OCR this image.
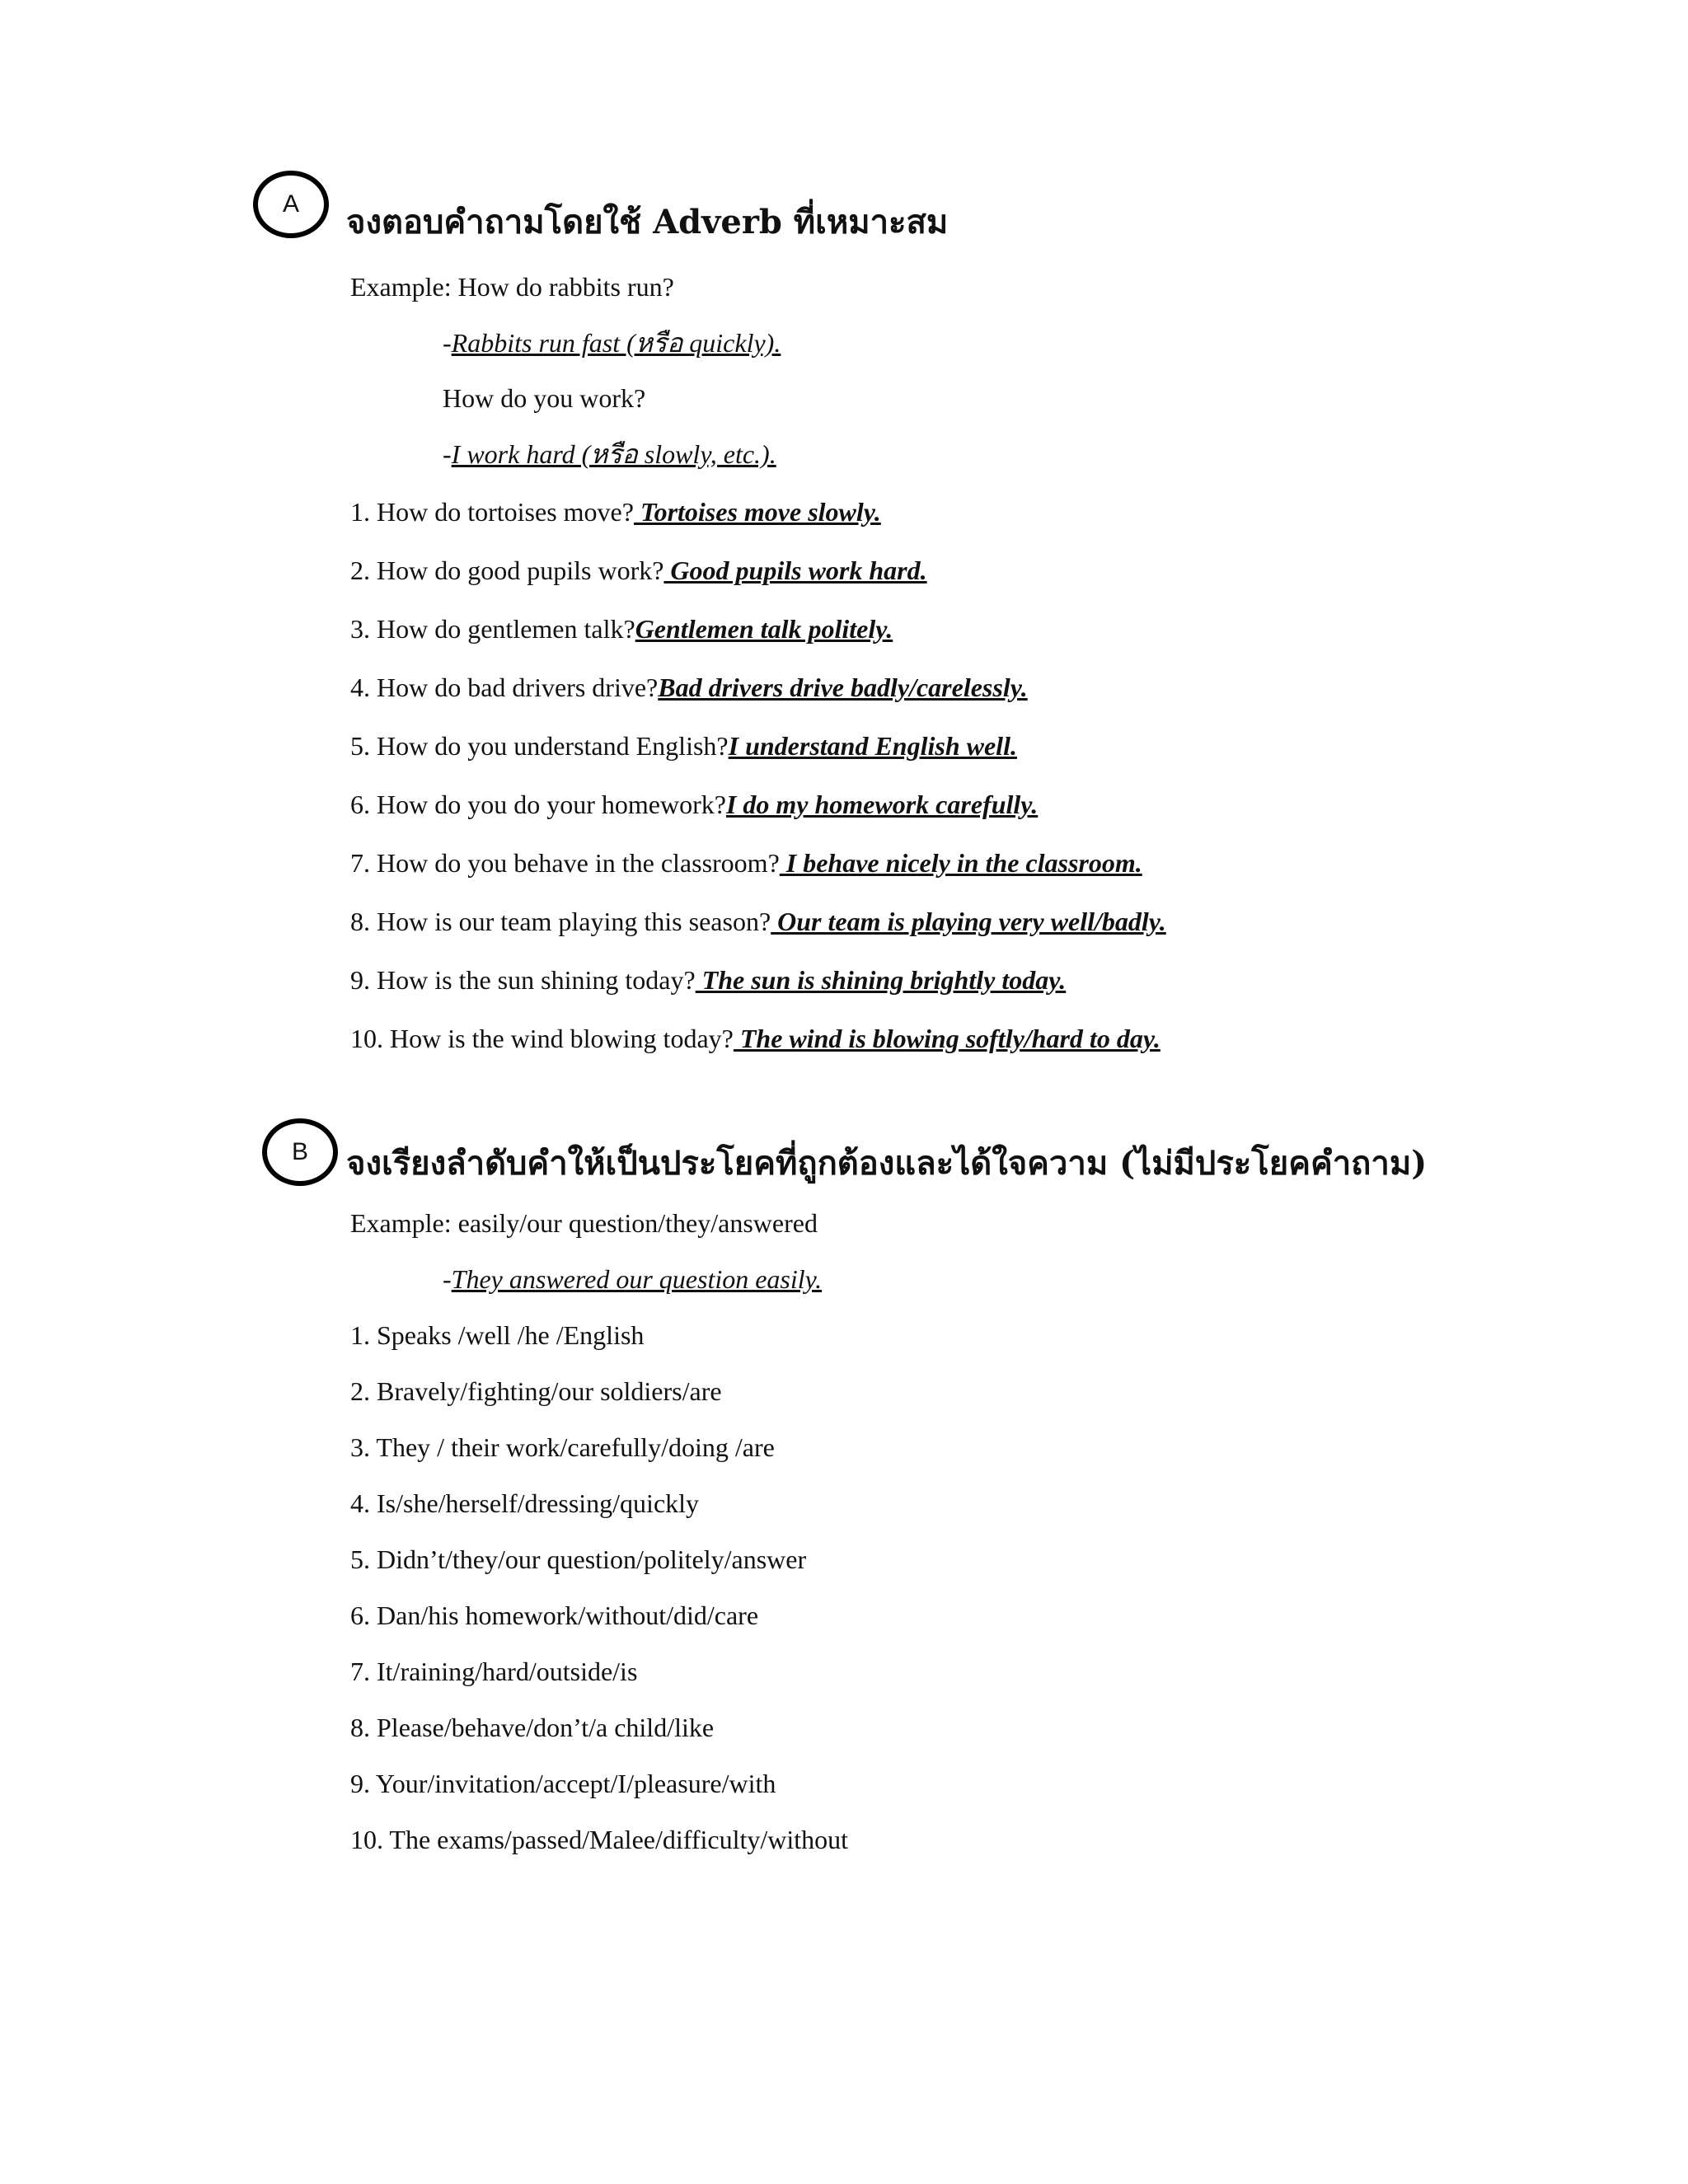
A	จงตอบคำถามโดยใช้ Adverb ที่เหมาะสม
Example: How do rabbits run?
-Rabbits run fast (หรือ quickly).
How do you work?
-I work hard (หรือ slowly, etc.).
1. How do tortoises move? Tortoises move slowly.
2. How do good pupils work? Good pupils work hard.
3. How do gentlemen talk?Gentlemen talk politely.
4. How do bad drivers drive?Bad drivers drive badly/carelessly.
5. How do you understand English?I understand English well.
6. How do you do your homework?I do my homework carefully.
7. How do you behave in the classroom? I behave nicely in the classroom.
8. How is our team playing this season? Our team is playing very well/badly.
9. How is the sun shining today? The sun is shining brightly today.
10. How is the wind blowing today? The wind is blowing softly/hard to day.
B	จงเรียงลำดับคำให้เป็นประโยคที่ถูกต้องและได้ใจความ (ไม่มีประโยคคำถาม)
Example: easily/our question/they/answered
-They answered our question easily.
1. Speaks /well /he /English
2. Bravely/fighting/our soldiers/are
3. They / their work/carefully/doing /are
4. Is/she/herself/dressing/quickly
5. Didn’t/they/our question/politely/answer
6. Dan/his homework/without/did/care
7. It/raining/hard/outside/is
8. Please/behave/don’t/a child/like
9. Your/invitation/accept/I/pleasure/with
10. The exams/passed/Malee/difficulty/without
